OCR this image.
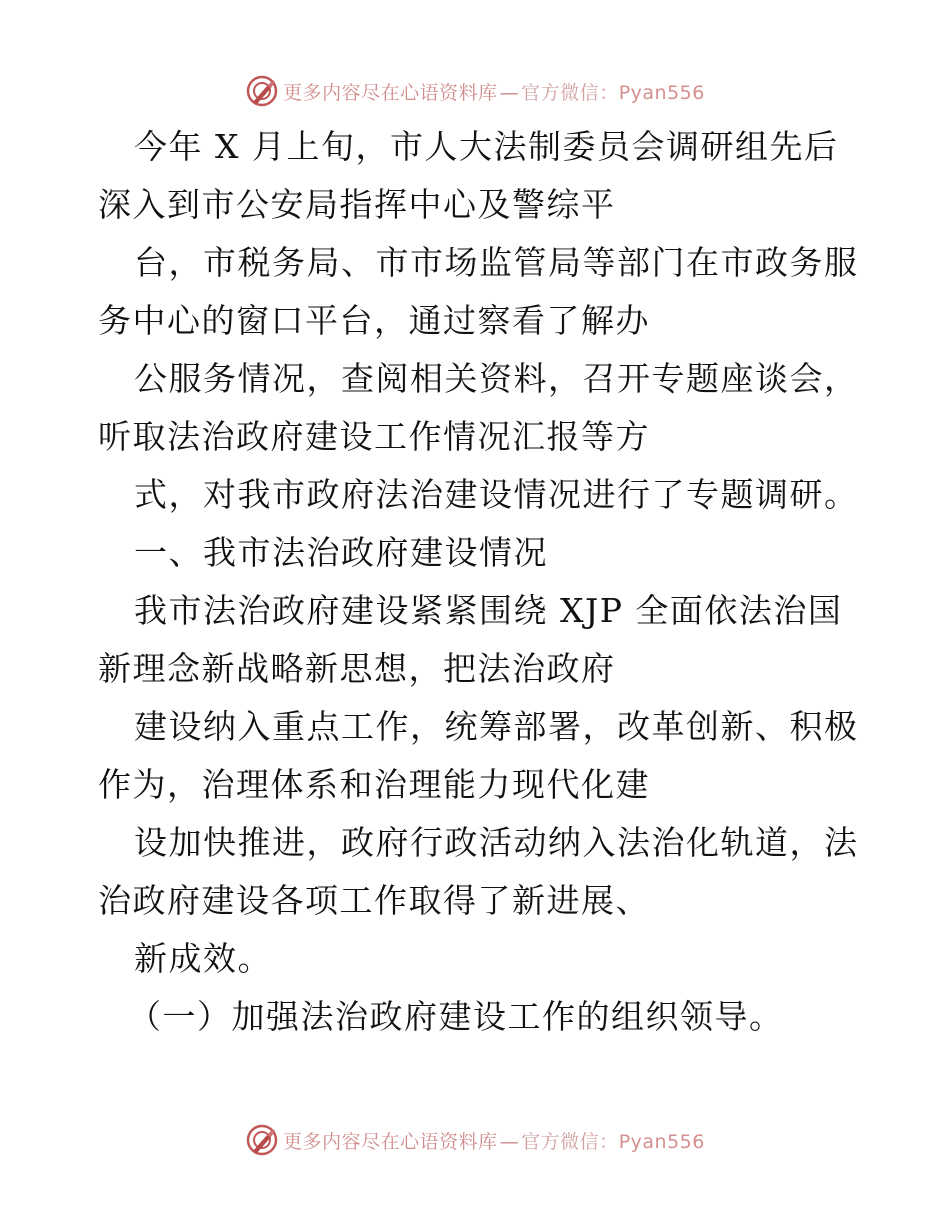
更多内容尽在心语资料库 — 官方微信：Pyan556
今年 X 月上旬，市人大法制委员会调研组先后
深入到市公安局指挥中心及警综平
台，市税务局、市市场监管局等部门在市政务服
务中心的窗口平台，通过察看了解办
公服务情况，查阅相关资料，召开专题座谈会，
听取法治政府建设工作情况汇报等方
式，对我市政府法治建设情况进行了专题调研。
一、我市法治政府建设情况
我市法治政府建设紧紧围绕 XJP 全面依法治国
新理念新战略新思想，把法治政府
建设纳入重点工作，统筹部署，改革创新、积极
作为，治理体系和治理能力现代化建
设加快推进，政府行政活动纳入法治化轨道，法
治政府建设各项工作取得了新进展、
新成效。
（一）加强法治政府建设工作的组织领导。
更多内容尽在心语资料库 — 官方微信：Pyan556
